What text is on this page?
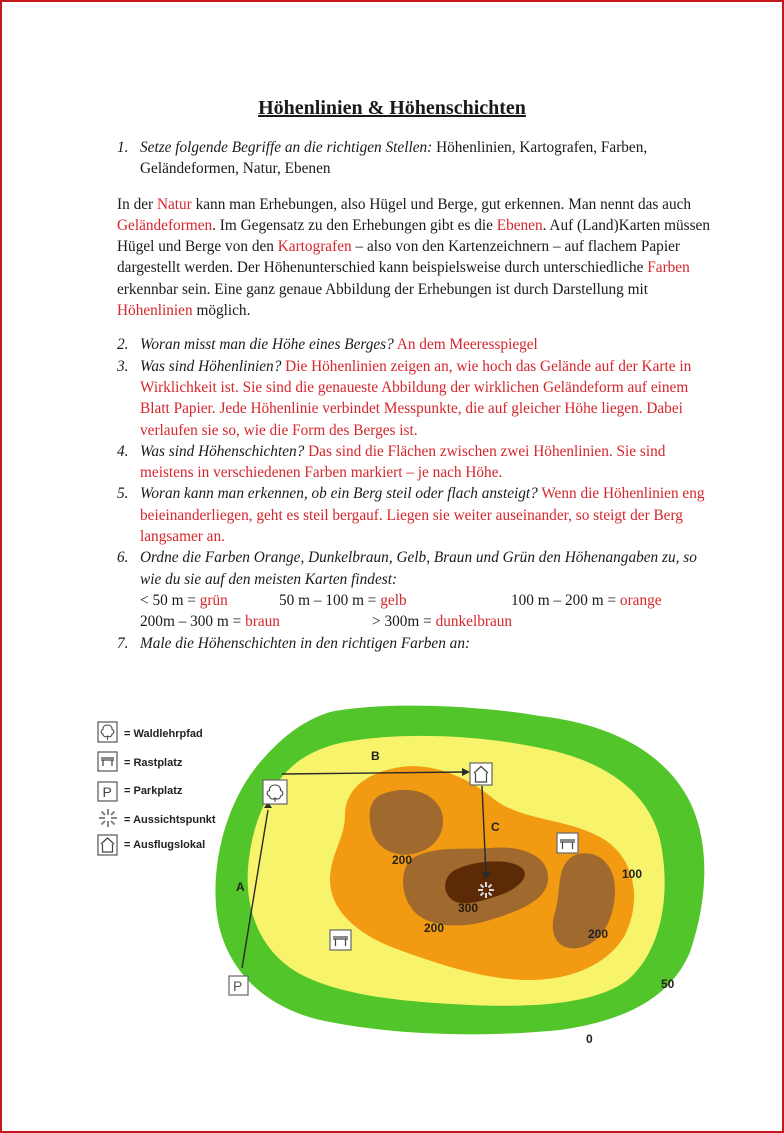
Höhenlinien & Höhenschichten
1. Setze folgende Begriffe an die richtigen Stellen: Höhenlinien, Kartografen, Farben, Geländeformen, Natur, Ebenen
In der Natur kann man Erhebungen, also Hügel und Berge, gut erkennen. Man nennt das auch Geländeformen. Im Gegensatz zu den Erhebungen gibt es die Ebenen. Auf (Land)Karten müssen Hügel und Berge von den Kartografen – also von den Kartenzeichnern – auf flachem Papier dargestellt werden. Der Höhenunterschied kann beispielsweise durch unterschiedliche Farben erkennbar sein. Eine ganz genaue Abbildung der Erhebungen ist durch Darstellung mit Höhenlinien möglich.
2. Woran misst man die Höhe eines Berges? An dem Meeresspiegel
3. Was sind Höhenlinien? Die Höhenlinien zeigen an, wie hoch das Gelände auf der Karte in Wirklichkeit ist. Sie sind die genaueste Abbildung der wirklichen Geländeform auf einem Blatt Papier. Jede Höhenlinie verbindet Messpunkte, die auf gleicher Höhe liegen. Dabei verlaufen sie so, wie die Form des Berges ist.
4. Was sind Höhenschichten? Das sind die Flächen zwischen zwei Höhenlinien. Sie sind meistens in verschiedenen Farben markiert – je nach Höhe.
5. Woran kann man erkennen, ob ein Berg steil oder flach ansteigt? Wenn die Höhenlinien eng beieinanderliegen, geht es steil bergauf. Liegen sie weiter auseinander, so steigt der Berg langsamer an.
6. Ordne die Farben Orange, Dunkelbraun, Gelb, Braun und Grün den Höhenangaben zu, so wie du sie auf den meisten Karten findest:
< 50 m = grün	50 m – 100 m = gelb	100 m – 200 m = orange
200m – 300 m = braun	> 300m = dunkelbraun
7. Male die Höhenschichten in den richtigen Farben an:
= Waldlehrpfad
= Rastplatz
P = Parkplatz
= Aussichtspunkt
= Ausflugslokal
P
A
B
C
200
200	200
300
100
50
0
